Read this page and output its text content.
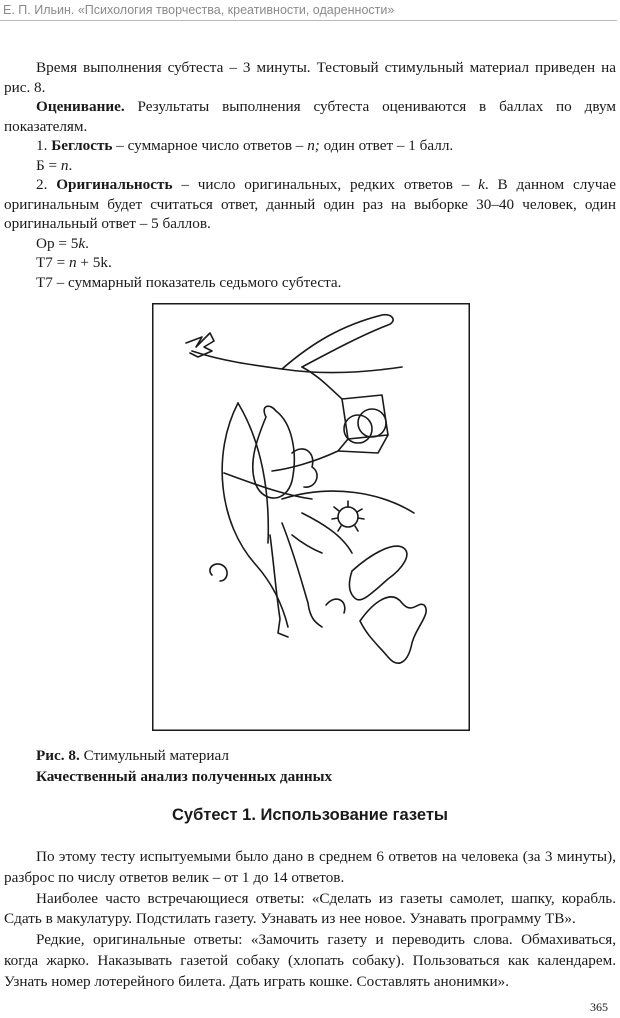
Е. П. Ильин. «Психология творчества, креативности, одаренности»

Время выполнения субтеста – 3 минуты. Тестовый стимульный материал приведен на рис. 8.

Оценивание. Результаты выполнения субтеста оцениваются в баллах по двум показателям.

1. Беглость – суммарное число ответов – n; один ответ – 1 балл.

Б = n.

2. Оригинальность – число оригинальных, редких ответов – k. В данном случае оригинальным будет считаться ответ, данный один раз на выборке 30–40 человек, один оригинальный ответ – 5 баллов.

Ор = 5k.

Т7 = n + 5k.

Т7 – суммарный показатель седьмого субтеста.

Рис. 8. Стимульный материал
Качественный анализ полученных данных
Субтест 1. Использование газеты

По этому тесту испытуемыми было дано в среднем 6 ответов на человека (за 3 минуты), разброс по числу ответов велик – от 1 до 14 ответов.

Наиболее часто встречающиеся ответы: «Сделать из газеты самолет, шапку, корабль. Сдать в макулатуру. Подстилать газету. Узнавать из нее новое. Узнавать программу ТВ».

Редкие, оригинальные ответы: «Замочить газету и переводить слова. Обмахиваться, когда жарко. Наказывать газетой собаку (хлопать собаку). Пользоваться как календарем. Узнать номер лотерейного билета. Дать играть кошке. Составлять анонимки».

365
